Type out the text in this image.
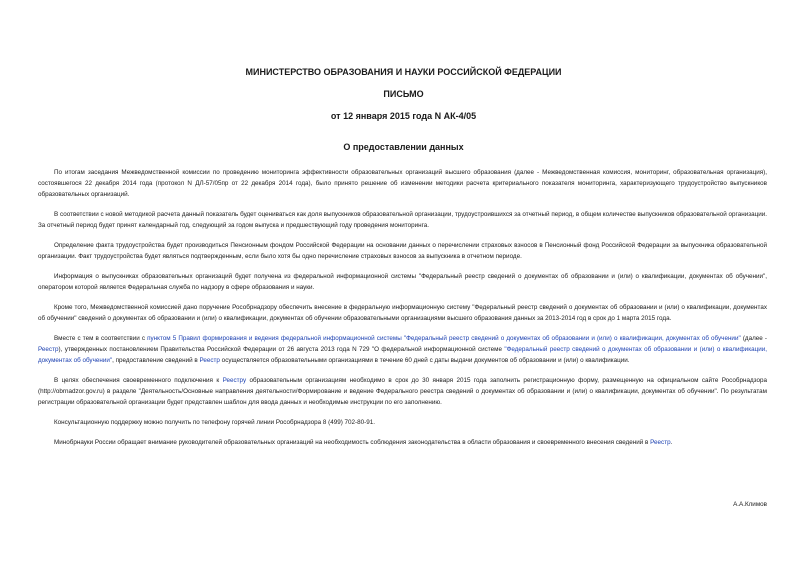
МИНИСТЕРСТВО ОБРАЗОВАНИЯ И НАУКИ РОССИЙСКОЙ ФЕДЕРАЦИИ

ПИСЬМО

от 12 января 2015 года N АК-4/05

О предоставлении данных

По итогам заседания Межведомственной комиссии по проведению мониторинга эффективности образовательных организаций высшего образования (далее - Межведомственная комиссия, мониторинг, образовательная организация), состоявшегося 22 декабря 2014 года (протокол N ДЛ-57/05пр от 22 декабря 2014 года), было принято решение об изменении методики расчета критериального показателя мониторинга, характеризующего трудоустройство выпускников образовательных организаций.

В соответствии с новой методикой расчета данный показатель будет оцениваться как доля выпускников образовательной организации, трудоустроившихся за отчетный период, в общем количестве выпускников образовательной организации. За отчетный период будет принят календарный год, следующий за годом выпуска и предшествующий году проведения мониторинга.

Определение факта трудоустройства будет производиться Пенсионным фондом Российской Федерации на основании данных о перечислении страховых взносов в Пенсионный фонд Российской Федерации за выпускника образовательной организации. Факт трудоустройства будет являться подтвержденным, если было хотя бы одно перечисление страховых взносов за выпускника в отчетном периоде.

Информация о выпускниках образовательных организаций будет получена из федеральной информационной системы "Федеральный реестр сведений о документах об образовании и (или) о квалификации, документах об обучении", оператором которой является Федеральная служба по надзору в сфере образования и науки.

Кроме того, Межведомственной комиссией дано поручение Рособрнадзору обеспечить внесение в федеральную информационную систему "Федеральный реестр сведений о документах об образовании и (или) о квалификации, документах об обучении" сведений о документах об образовании и (или) о квалификации, документах об обучении образовательными организациями высшего образования данных за 2013-2014 год в срок до 1 марта 2015 года.

Вместе с тем в соответствии с пунктом 5 Правил формирования и ведения федеральной информационной системы "Федеральный реестр сведений о документах об образовании и (или) о квалификации, документах об обучении" (далее - Реестр), утвержденных постановлением Правительства Российской Федерации от 26 августа 2013 года N 729 "О федеральной информационной системе "Федеральный реестр сведений о документах об образовании и (или) о квалификации, документах об обучении", предоставление сведений в Реестр осуществляется образовательными организациями в течение 60 дней с даты выдачи документов об образовании и (или) о квалификации.

В целях обеспечения своевременного подключения к Реестру образовательным организациям необходимо в срок до 30 января 2015 года заполнить регистрационную форму, размещенную на официальном сайте Рособрнадзора (http://obrnadzor.gov.ru) в разделе "Деятельность/Основные направления деятельности/Формирование и ведение Федерального реестра сведений о документах об образовании и (или) о квалификации, документах об обучении". По результатам регистрации образовательной организации будет представлен шаблон для ввода данных и необходимые инструкции по его заполнению.

Консультационную поддержку можно получить по телефону горячей линии Рособрнадзора 8 (499) 702-80-91.

Минобрнауки России обращает внимание руководителей образовательных организаций на необходимость соблюдения законодательства в области образования и своевременного внесения сведений в Реестр.

А.А.Климов
